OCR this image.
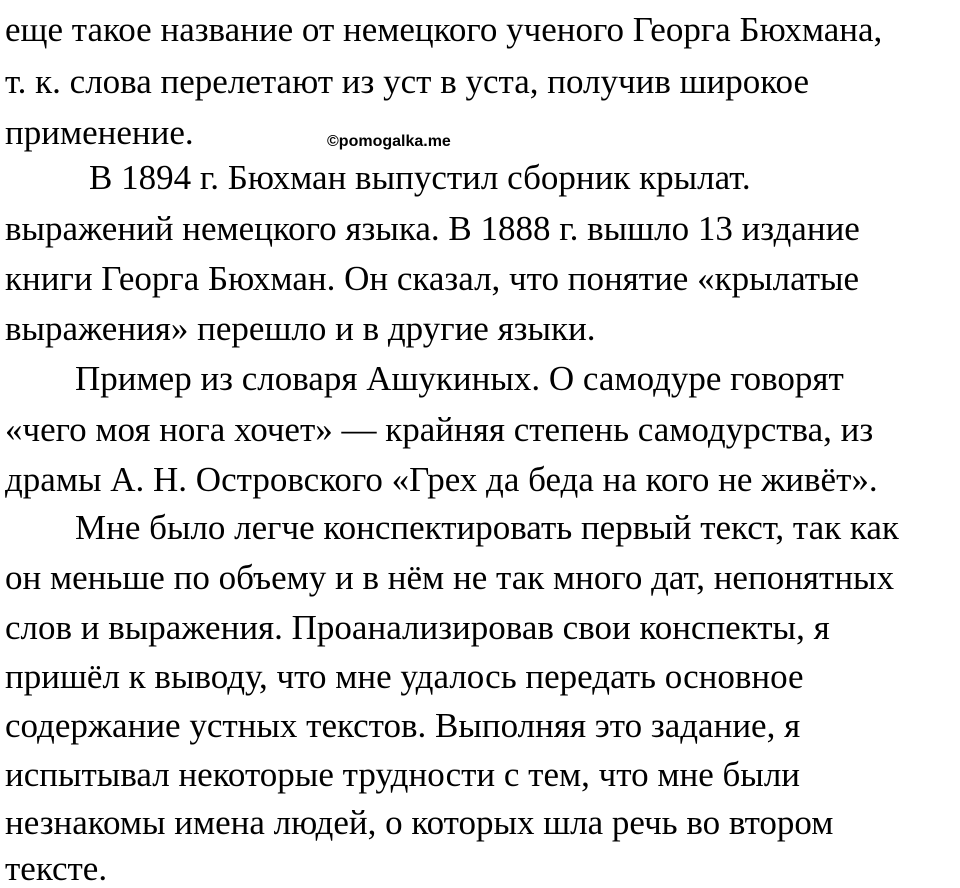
еще такое название от немецкого ученого Георга Бюхмана,
т. к. слова перелетают из уст в уста, получив широкое
применение.
В 1894 г. Бюхман выпустил сборник крылат.
выражений немецкого языка. В 1888 г. вышло 13 издание
книги Георга Бюхман. Он сказал, что понятие «крылатые
выражения» перешло и в другие языки.
Пример из словаря Ашукиных. О самодуре говорят
«чего моя нога хочет» — крайняя степень самодурства, из
драмы А. Н. Островского «Грех да беда на кого не живёт».
Мне было легче конспектировать первый текст, так как
он меньше по объему и в нём не так много дат, непонятных
слов и выражения. Проанализировав свои конспекты, я
пришёл к выводу, что мне удалось передать основное
содержание устных текстов. Выполняя это задание, я
испытывал некоторые трудности с тем, что мне были
незнакомы имена людей, о которых шла речь во втором
тексте.
©pomogalka.me
